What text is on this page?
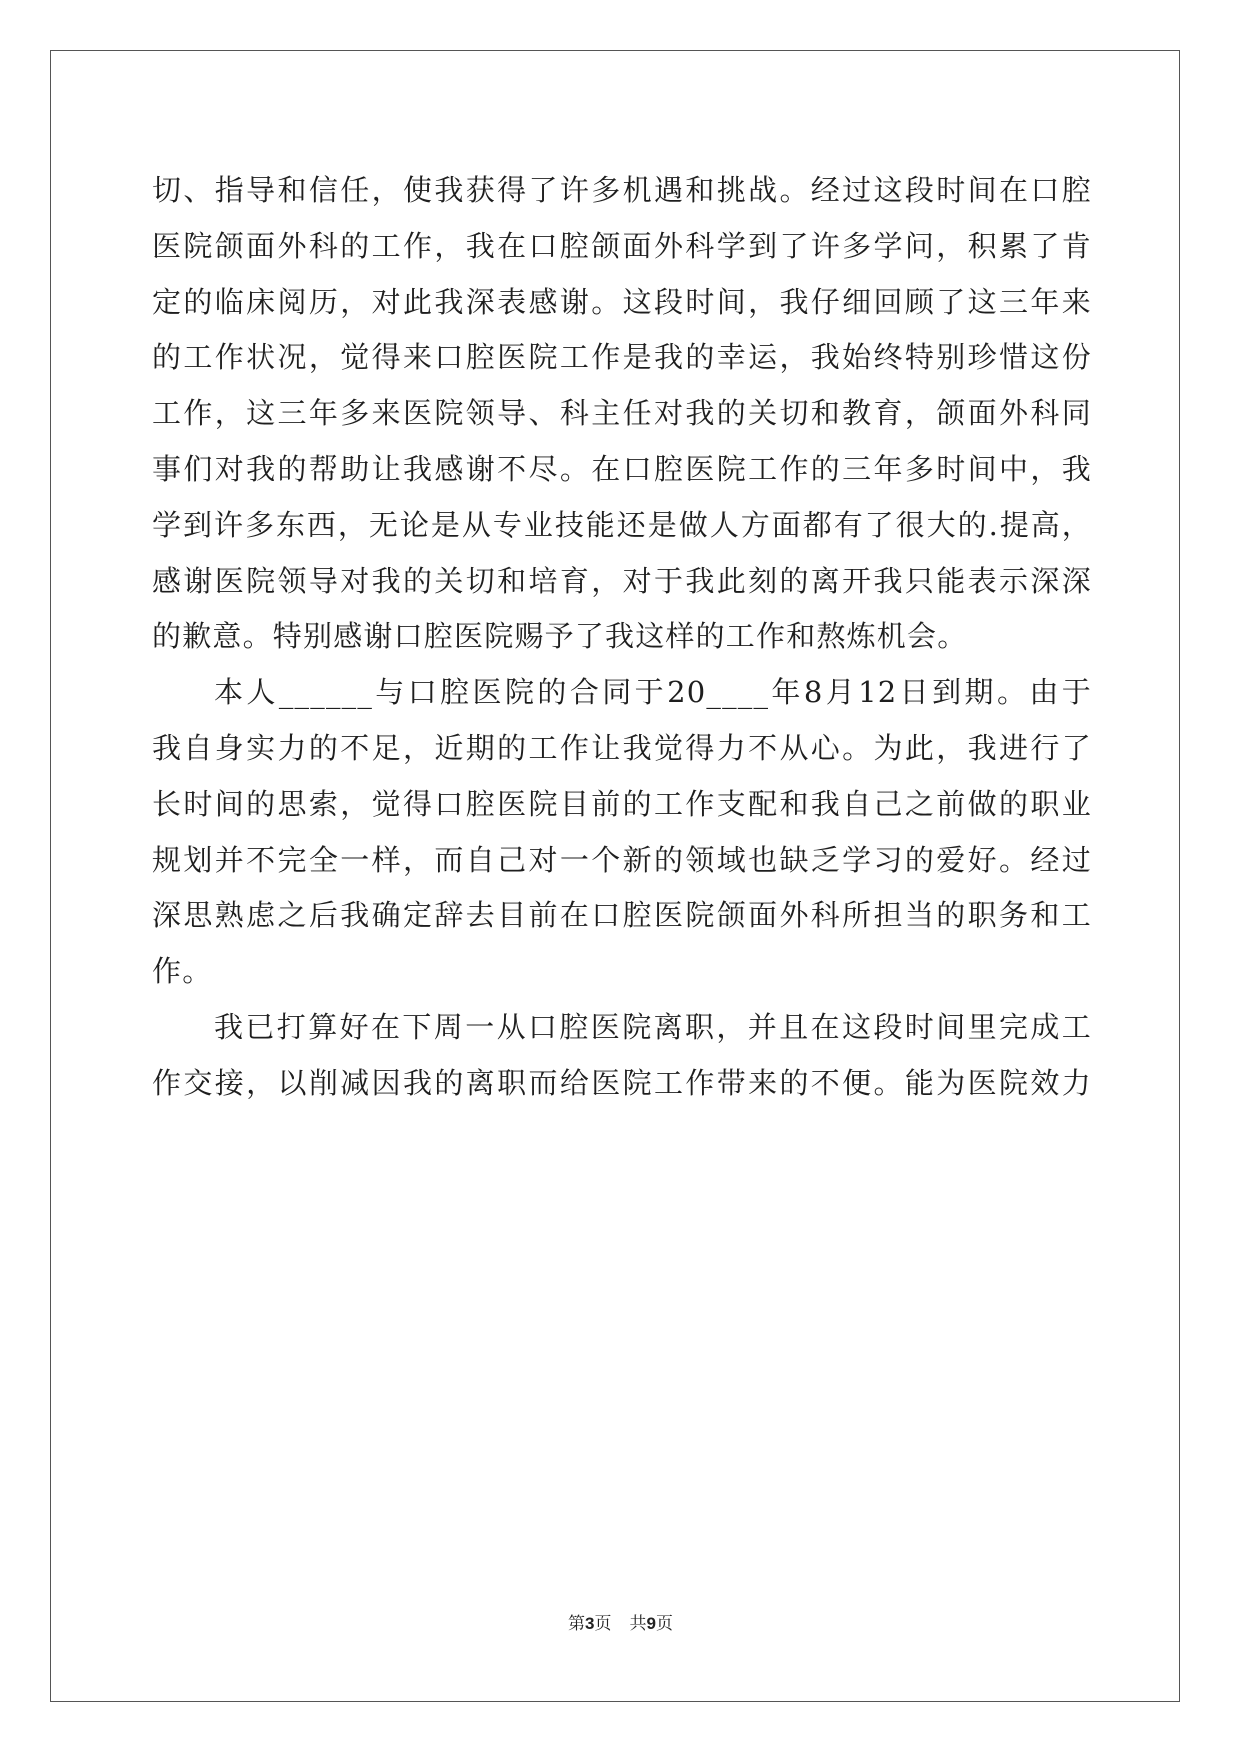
切、指导和信任，使我获得了许多机遇和挑战。经过这段时间在口腔
医院颌面外科的工作，我在口腔颌面外科学到了许多学问，积累了肯
定的临床阅历，对此我深表感谢。这段时间，我仔细回顾了这三年来
的工作状况，觉得来口腔医院工作是我的幸运，我始终特别珍惜这份
工作，这三年多来医院领导、科主任对我的关切和教育，颌面外科同
事们对我的帮助让我感谢不尽。在口腔医院工作的三年多时间中，我
学到许多东西，无论是从专业技能还是做人方面都有了很大的.提高，
感谢医院领导对我的关切和培育，对于我此刻的离开我只能表示深深
的歉意。特别感谢口腔医院赐予了我这样的工作和熬炼机会。
本人______与口腔医院的合同于20____年8月12日到期。由于
我自身实力的不足，近期的工作让我觉得力不从心。为此，我进行了
长时间的思索，觉得口腔医院目前的工作支配和我自己之前做的职业
规划并不完全一样，而自己对一个新的领域也缺乏学习的爱好。经过
深思熟虑之后我确定辞去目前在口腔医院颌面外科所担当的职务和工
作。
我已打算好在下周一从口腔医院离职，并且在这段时间里完成工
作交接，以削减因我的离职而给医院工作带来的不便。能为医院效力
第3页 共9页
